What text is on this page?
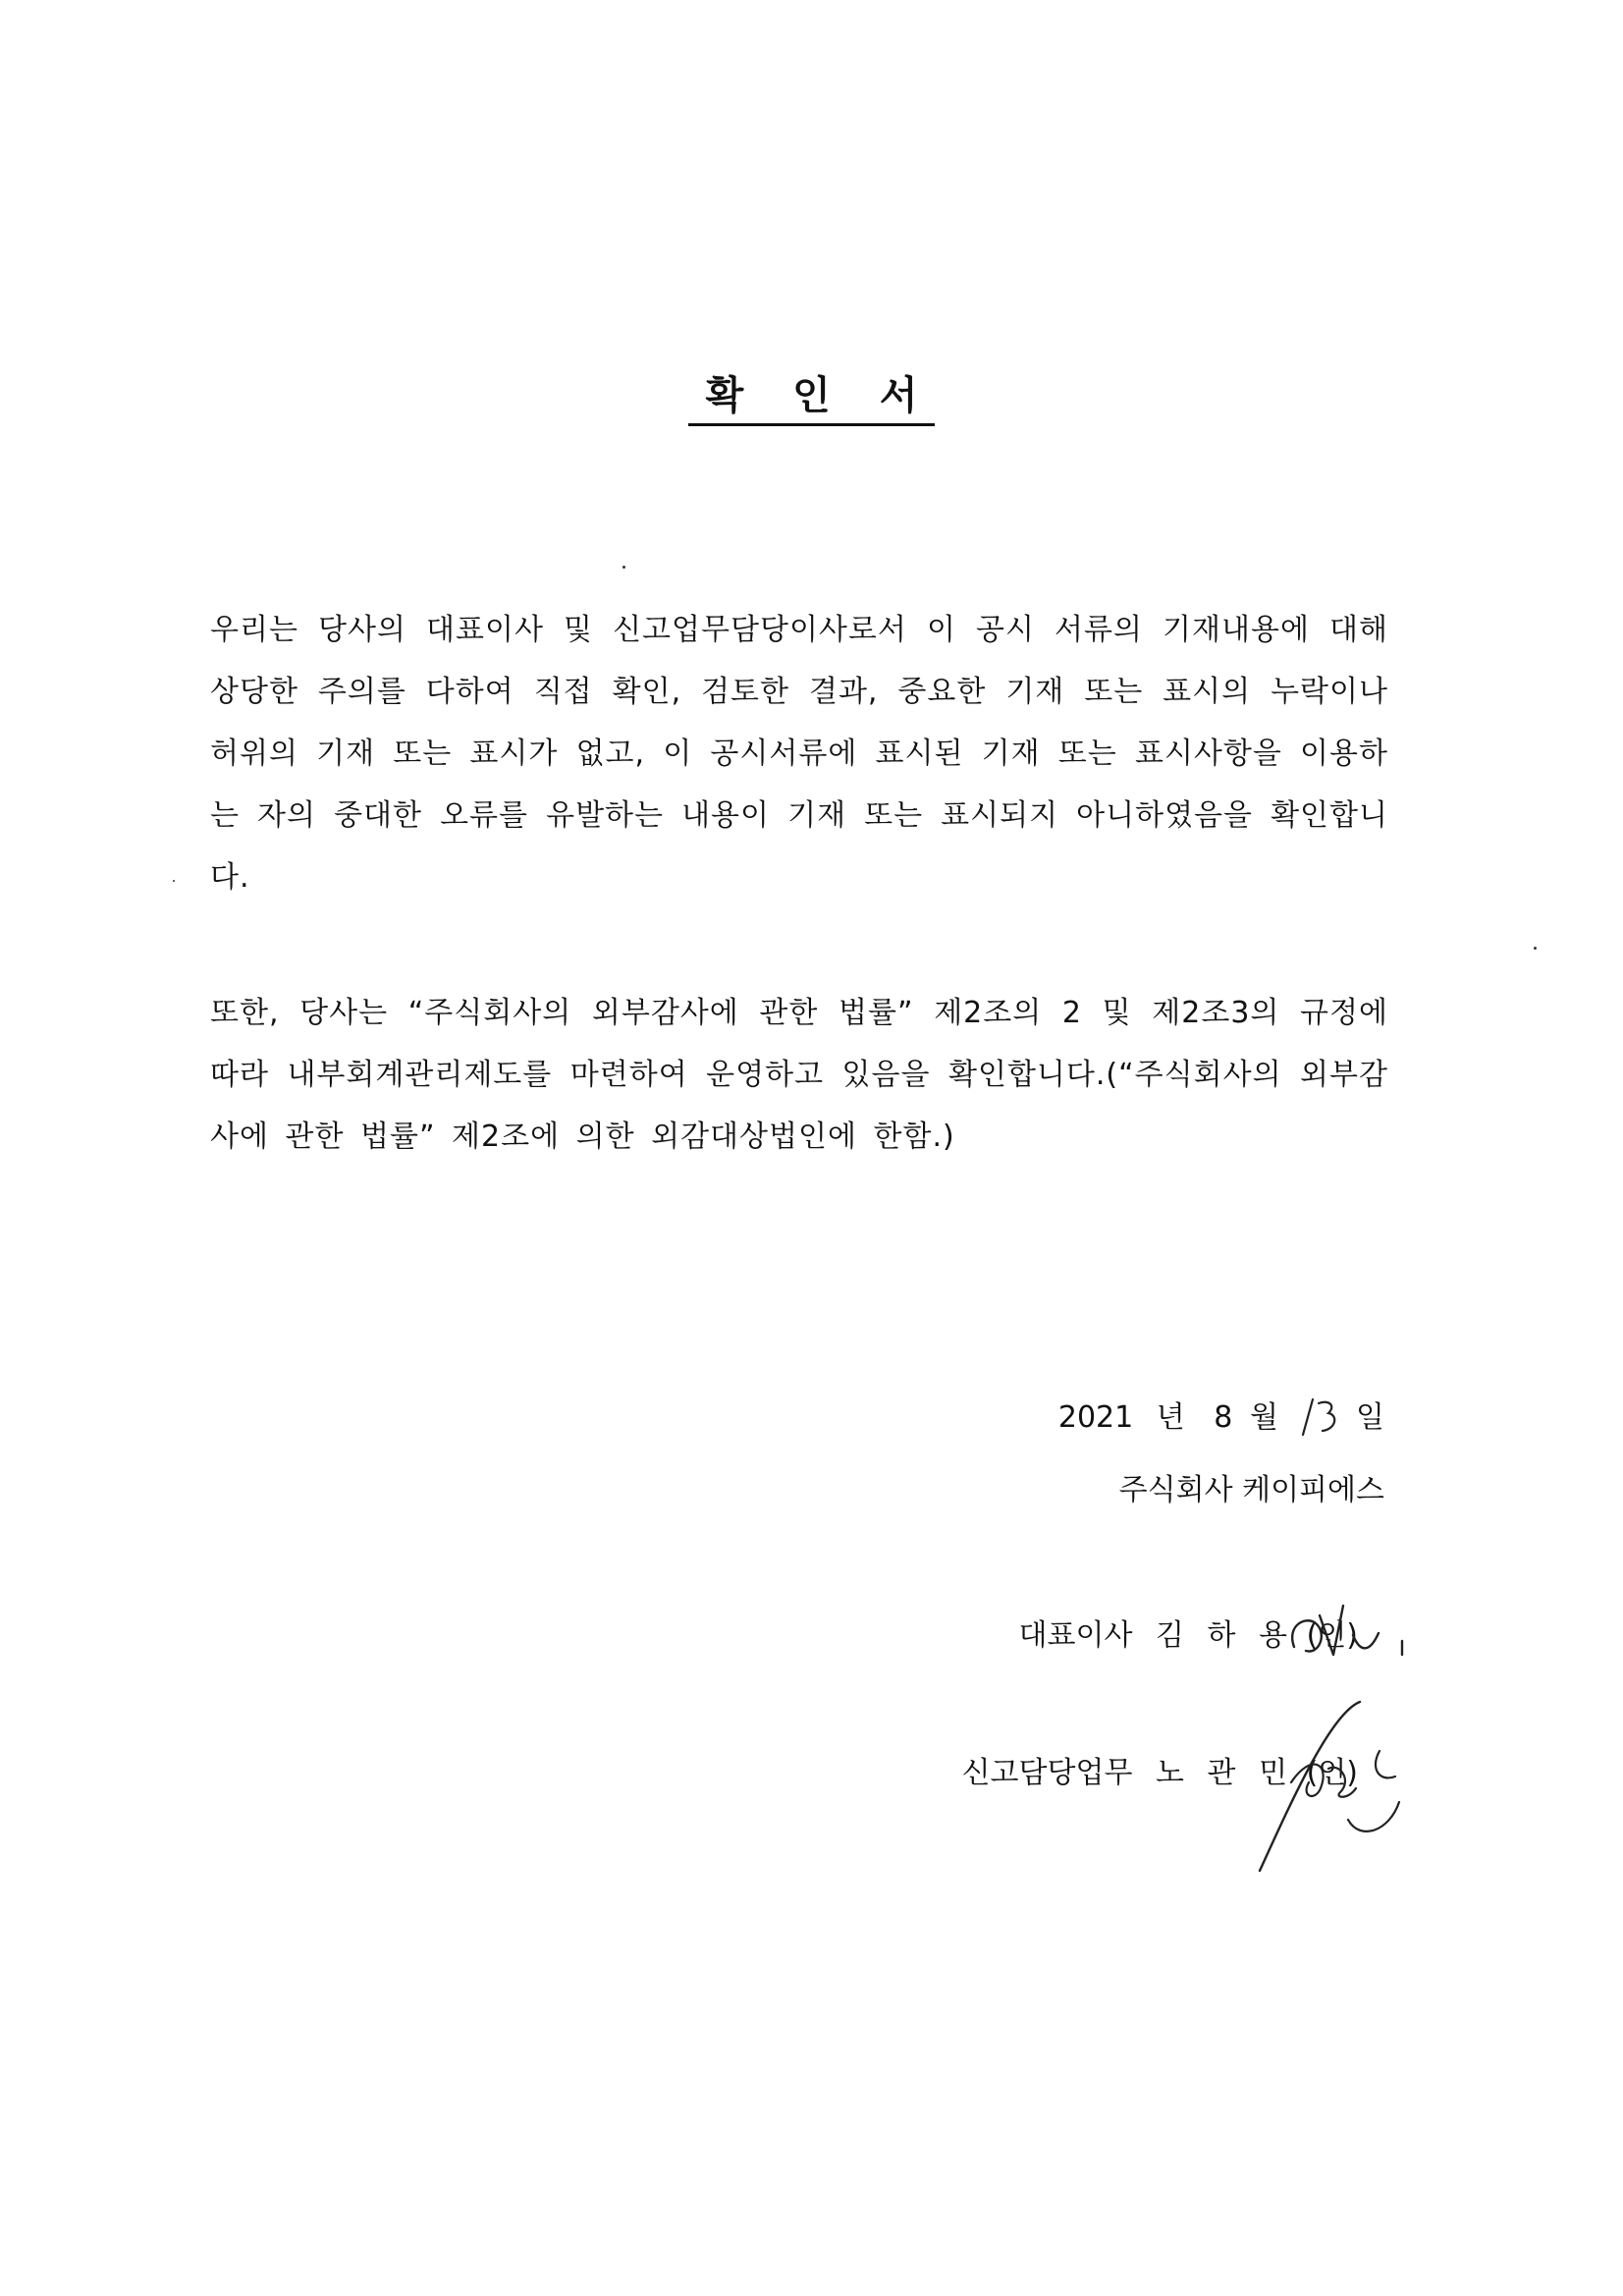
확 인 서

우리는 당사의 대표이사 및 신고업무담당이사로서 이 공시 서류의 기재내용에 대해 상당한 주의를 다하여 직접 확인, 검토한 결과, 중요한 기재 또는 표시의 누락이나 허위의 기재 또는 표시가 없고, 이 공시서류에 표시된 기재 또는 표시사항을 이용하는 자의 중대한 오류를 유발하는 내용이 기재 또는 표시되지 아니하였음을 확인합니다.

또한, 당사는 “주식회사의 외부감사에 관한 법률” 제2조의 2 및 제2조3의 규정에 따라 내부회계관리제도를 마련하여 운영하고 있음을 확인합니다.(“주식회사의 외부감사에 관한 법률” 제2조에 의한 외감대상법인에 한함.)

2021 년 8 월	일
주식회사 케이피에스
대표이사 김 하 용 (인)
신고담당업무 노 관 민 (인)
